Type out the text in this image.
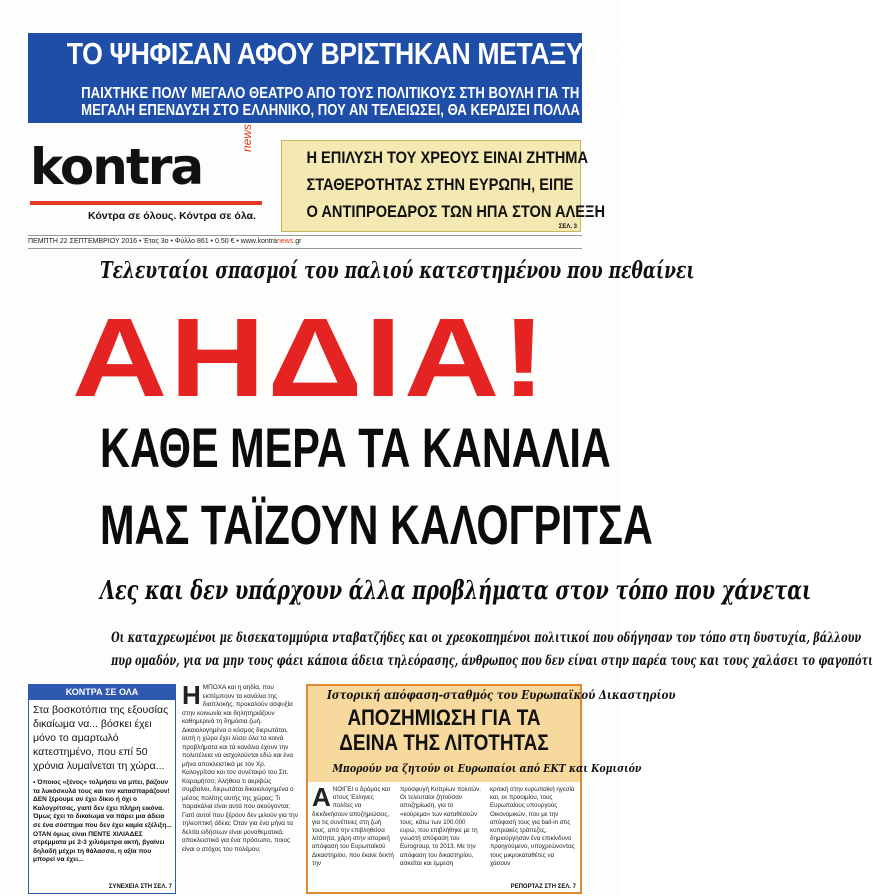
ΤΟ ΨΗΦΙΣΑΝ ΑΦΟΥ ΒΡΙΣΤΗΚΑΝ ΜΕΤΑΞΥ ΤΟΥΣ
ΠΑΙΧΤΗΚΕ ΠΟΛΥ ΜΕΓΑΛΟ ΘΕΑΤΡΟ ΑΠΟ ΤΟΥΣ ΠΟΛΙΤΙΚΟΥΣ ΣΤΗ ΒΟΥΛΗ ΓΙΑ ΤΗ
ΜΕΓΑΛΗ ΕΠΕΝΔΥΣΗ ΣΤΟ ΕΛΛΗΝΙΚΟ, ΠΟΥ ΑΝ ΤΕΛΕΙΩΣΕΙ, ΘΑ ΚΕΡΔΙΣΕΙ ΠΟΛΛΑ Η ΧΩΡΑ
kontra
news
Κόντρα σε όλους. Κόντρα σε όλα.
Η ΕΠΙΛΥΣΗ ΤΟΥ ΧΡΕΟΥΣ ΕΙΝΑΙ ΖΗΤΗΜΑ
ΣΤΑΘΕΡΟΤΗΤΑΣ ΣΤΗΝ ΕΥΡΩΠΗ, ΕΙΠΕ
Ο ΑΝΤΙΠΡΟΕΔΡΟΣ ΤΩΝ ΗΠΑ ΣΤΟΝ ΑΛΕΞΗ
ΣΕΛ. 3
ΠΕΜΠΤΗ 22 ΣΕΠΤΕΜΒΡΙΟΥ 2016 • Έτος 3ο • Φύλλο 861 • 0.50 € • www.kontranews.gr
Τελευταίοι σπασμοί του παλιού κατεστημένου που πεθαίνει
ΑΗΔΙΑ!
ΚΑΘΕ ΜΕΡΑ ΤΑ ΚΑΝΑΛΙΑ
ΜΑΣ ΤΑΪΖΟΥΝ ΚΑΛΟΓΡΙΤΣΑ
Λες και δεν υπάρχουν άλλα προβλήματα στον τόπο που χάνεται
Οι καταχρεωμένοι με δισεκατομμύρια νταβατζήδες και οι χρεοκοπημένοι πολιτικοί που οδήγησαν τον τόπο στη δυστυχία, βάλλουν
πυρ ομαδόν, για να μην τους φάει κάποια άδεια τηλεόρασης, άνθρωπος που δεν είναι στην παρέα τους και τους χαλάσει το φαγοπότι
ΚΟΝΤΡΑ ΣΕ ΟΛΑ
Στα βοσκοτόπια της εξουσίας δικαίωμα να... βόσκει έχει μόνο το αμαρτωλό κατεστημένο, που επί 50 χρόνια λυμαίνεται τη χώρα...

• Όποιος «ξένος» τολμήσει να μπει, βάζουν τα λυκόσκυλά τους και τον κατασπαράζουν!

ΔΕΝ ξέρουμε αν έχει δίκιο ή όχι ο Καλογρίτσας, γιατί δεν έχει πλήρη εικόνα. Όμως έχει το δικαίωμα να πάρει μια άδεια σε ένα σύστημα που δεν έχει καμία εξέλιξη...

ΟΤΑΝ όμως είναι ΠΕΝΤΕ ΧΙΛΙΑΔΕΣ στρέμματα με 2-3 χιλιόμετρα ακτή, βγαίνει δηλαδή μέχρι τη θάλασσα, η αξία που μπορεί να έχει...

ΣΥΝΕΧΕΙΑ ΣΤΗ ΣΕΛ. 7
ΗΜΠΟΧΑ και η αηδία, που εκπέμπουν τα κανάλια της διαπλοκής, προκαλούν ασφυξία στην κοινωνία και δηλητηριάζουν καθημερινά τη δημόσια ζωή. Δικαιολογημένα ο κόσμος διερωτάται, αυτή η χώρα έχει λύσει όλα τα κοινά προβλήματα και τα κανάλια έχουν την πολυτέλεια να ασχολούνται εδώ και ένα μήνα αποκλειστικά με τον Χρ. Καλογρίτσα και τον συνέταιρό του Σπ. Καραμήτσο; Αλήθεια τι ακριβώς συμβαίνει, διερωτάται δικαιολογημένα ο μέσος πολίτης αυτής της χώρας; Τι παρακάλια είναι αυτά που ακούγονται; Γιατί αυτοί που ξέρουν δεν μιλούν για την τηλεοπτική άδεια; Όταν για ένα μήνα τα δελτία ειδήσεων είναι μονοθεματικά, αποκλειστικά για ένα πρόσωπο, ποιος είναι ο στόχος του πολέμου;
Ιστορική απόφαση-σταθμός του Ευρωπαϊκού Δικαστηρίου
ΑΠΟΖΗΜΙΩΣΗ ΓΙΑ ΤΑ
ΔΕΙΝΑ ΤΗΣ ΛΙΤΟΤΗΤΑΣ
Μπορούν να ζητούν οι Ευρωπαίοι από ΕΚΤ και Κομισιόν
ΑΝΟΙΓΕΙ ο δρόμος και στους Έλληνες πολίτες να διεκδικήσουν αποζημιώσεις, για τις συνέπειες στη ζωή τους, από την επιβληθείσα λιτότητα, χάρη στην ιστορική απόφαση του Ευρωπαϊκού Δικαστηρίου, που έκανε δεκτή την
προσφυγή Κυπρίων πολιτών. Οι τελευταίοι ζητούσαν αποζημίωση, για το «κούρεμα» των καταθέσεών τους, κάτω των 100.000 ευρώ, που επιβλήθηκε με τη γνωστή απόφαση του Eurogroup, το 2013. Με την απόφαση του δικαστηρίου, ασκείται και έμμεση
κριτική στην ευρωπαϊκή ηγεσία και, εκ προοιμίου, τους Ευρωπαίους υπουργούς Οικονομικών, που με την απόφασή τους για bail-in στις κυπριακές τράπεζες, δημιούργησαν ένα επικίνδυνο προηγούμενο, υποχρεώνοντας τους μικροκαταθέτες να χάσουν
ΡΕΠΟΡΤΑΖ ΣΤΗ ΣΕΛ. 7
